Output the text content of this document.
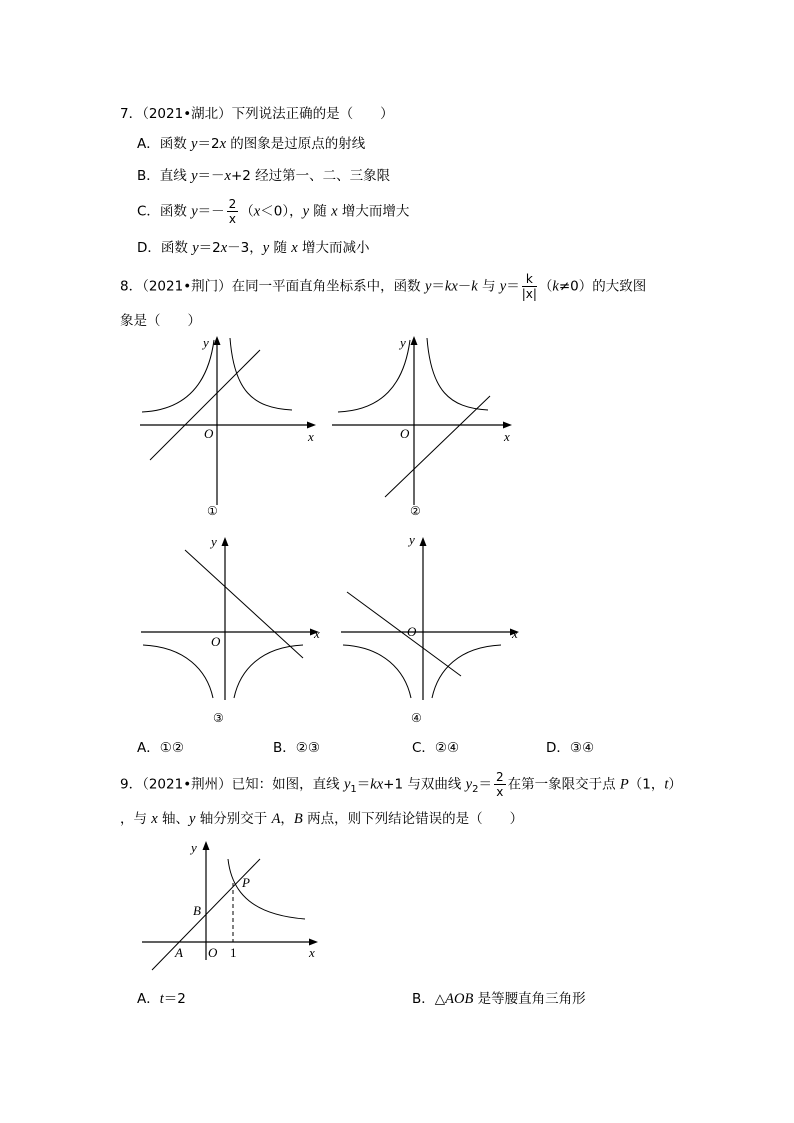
7．（2021•湖北）下列说法正确的是（　　）
A．函数 y＝2x 的图象是过原点的射线
B．直线 y＝－x+2 经过第一、二、三象限
C．函数 $y=- \frac{2}{x} (x<0)$，y 随 x 增大而增大
D．函数 y＝2x－3，y 随 x 增大而减小
8．（2021•荆门）在同一平面直角坐标系中，函数 y＝kx－k 与 $y= \frac{k}{|x|} (k\ne 0)$的大致图
象是（　　）
O	x
y
①
O	x
y
②
O
x
y
③
O	x
y
④
A．①②	B．②③	C．②④	D．③④
9．（2021•荆州）已知：如图，直线 $y_1=kx+1$ 与双曲线 $y_2= \frac{2}{x}$ 在第一象限交于点 P（1，t）
，与 x 轴、y 轴分别交于 A，B 两点，则下列结论错误的是（　　）
y
x
O
A
B
P
1
A．t＝2	B．△AOB 是等腰直角三角形
